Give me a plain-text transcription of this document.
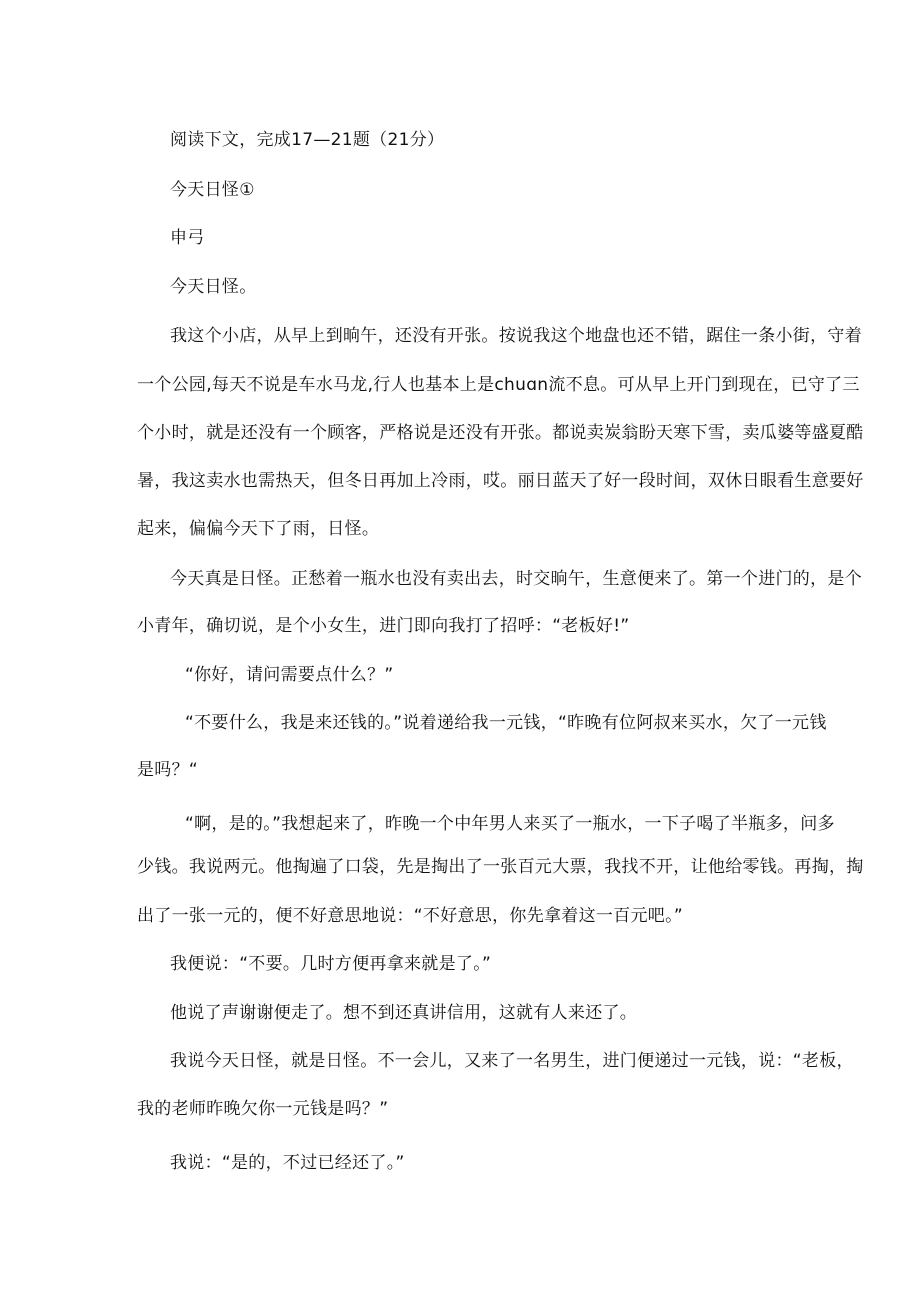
阅读下文，完成17—21题（21分）
今天日怪①
申弓
今天日怪。
我这个小店，从早上到晌午，还没有开张。按说我这个地盘也还不错，踞住一条小街，守着
一个公园,每天不说是车水马龙,行人也基本上是chuɑn流不息。可从早上开门到现在，已守了三
个小时，就是还没有一个顾客，严格说是还没有开张。都说卖炭翁盼天寒下雪，卖瓜婆等盛夏酷
暑，我这卖水也需热天，但冬日再加上冷雨，哎。丽日蓝天了好一段时间，双休日眼看生意要好
起来，偏偏今天下了雨，日怪。
今天真是日怪。正愁着一瓶水也没有卖出去，时交晌午，生意便来了。第一个进门的，是个
小青年，确切说，是个小女生，进门即向我打了招呼：“老板好!”
“你好，请问需要点什么？”
“不要什么，我是来还钱的。”说着递给我一元钱，“昨晚有位阿叔来买水，欠了一元钱
是吗？“
“啊，是的。”我想起来了，昨晚一个中年男人来买了一瓶水，一下子喝了半瓶多，问多
少钱。我说两元。他掏遍了口袋，先是掏出了一张百元大票，我找不开，让他给零钱。再掏，掏
出了一张一元的，便不好意思地说：“不好意思，你先拿着这一百元吧。”
我便说：“不要。几时方便再拿来就是了。”
他说了声谢谢便走了。想不到还真讲信用，这就有人来还了。
我说今天日怪，就是日怪。不一会儿，又来了一名男生，进门便递过一元钱，说：“老板，
我的老师昨晚欠你一元钱是吗？”
我说：“是的，不过已经还了。”
